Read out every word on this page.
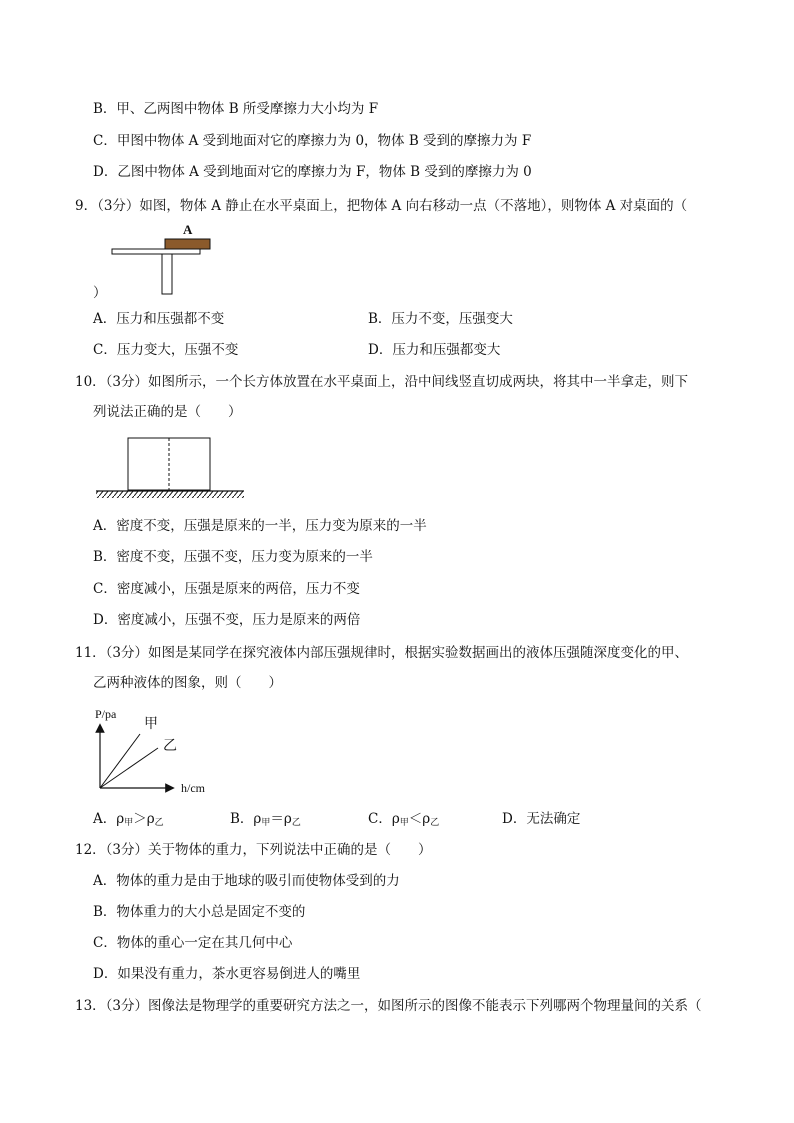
B．甲、乙两图中物体 B 所受摩擦力大小均为 F
C．甲图中物体 A 受到地面对它的摩擦力为 0，物体 B 受到的摩擦力为 F
D．乙图中物体 A 受到地面对它的摩擦力为 F，物体 B 受到的摩擦力为 0
9．（3分）如图，物体 A 静止在水平桌面上，把物体 A 向右移动一点（不落地），则物体 A 对桌面的（
A
）
A．压力和压强都不变	B．压力不变，压强变大
C．压力变大，压强不变	D．压力和压强都变大
10．（3分）如图所示，一个长方体放置在水平桌面上，沿中间线竖直切成两块，将其中一半拿走，则下
列说法正确的是（　　）
A．密度不变，压强是原来的一半，压力变为原来的一半
B．密度不变，压强不变，压力变为原来的一半
C．密度减小，压强是原来的两倍，压力不变
D．密度减小，压强不变，压力是原来的两倍
11．（3分）如图是某同学在探究液体内部压强规律时，根据实验数据画出的液体压强随深度变化的甲、
乙两种液体的图象，则（　　）
P/pa
甲
乙
h/cm
A．$\rho_甲>\rho_乙$	B．$\rho_甲=\rho_乙$	C．$\rho_甲<\rho_乙$	D．无法确定
12．（3分）关于物体的重力，下列说法中正确的是（　　）
A．物体的重力是由于地球的吸引而使物体受到的力
B．物体重力的大小总是固定不变的
C．物体的重心一定在其几何中心
D．如果没有重力，茶水更容易倒进人的嘴里
13．（3分）图像法是物理学的重要研究方法之一，如图所示的图像不能表示下列哪两个物理量间的关系（
